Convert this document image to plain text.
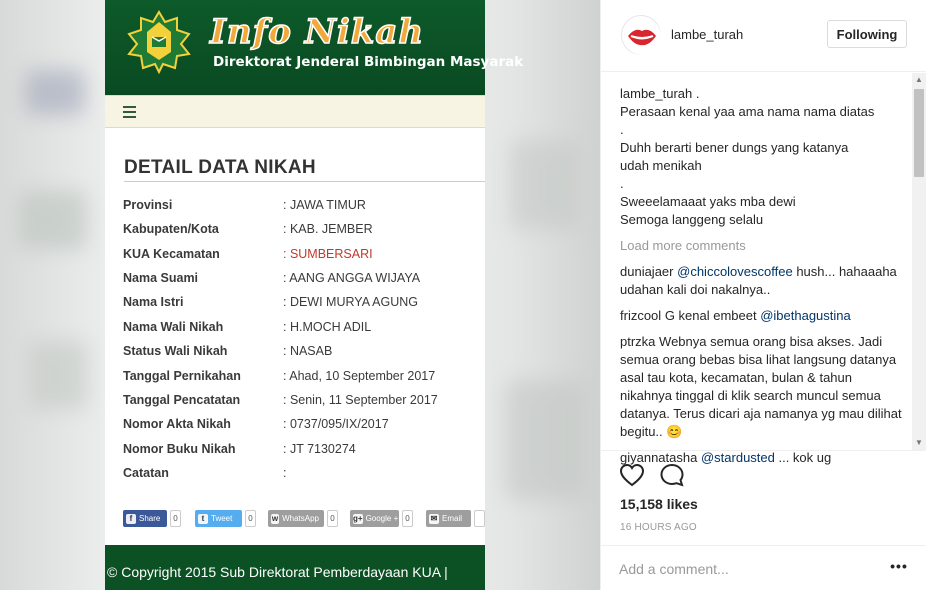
Info Nikah
Direktorat Jenderal Bimbingan Masyarak
DETAIL DATA NIKAH
Provinsi	: JAWA TIMUR
Kabupaten/Kota	: KAB. JEMBER
KUA Kecamatan	: SUMBERSARI
Nama Suami	: AANG ANGGA WIJAYA
Nama Istri	: DEWI MURYA AGUNG
Nama Wali Nikah	: H.MOCH ADIL
Status Wali Nikah	: NASAB
Tanggal Pernikahan	: Ahad, 10 September 2017
Tanggal Pencatatan	: Senin, 11 September 2017
Nomor Akta Nikah	: 0737/095/IX/2017
Nomor Buku Nikah	: JT 7130274
Catatan	:
f Share	0	t Tweet	0	w WhatsApp	0	g+ Google + 0	✉ Email
© Copyright 2015 Sub Direktorat Pemberdayaan KUA |
lambe_turah	Following
lambe_turah .
Perasaan kenal yaa ama nama nama diatas
.
Duhh berarti bener dungs yang katanya
udah menikah
.
Sweeelamaaat yaks mba dewi
Semoga langgeng selalu
Load more comments
duniajaer @chiccolovescoffee hush... hahaaaha udahan kali doi nakalnya..
frizcool G kenal embeet @ibethagustina
ptrzka Webnya semua orang bisa akses. Jadi semua orang bebas bisa lihat langsung datanya asal tau kota, kecamatan, bulan & tahun nikahnya tinggal di klik search muncul semua datanya. Terus dicari aja namanya yg mau dilihat begitu.. 😊
giyannatasha @stardusted ... kok ug
▲
▼
15,158 likes
16 HOURS AGO
Add a comment...
•••
